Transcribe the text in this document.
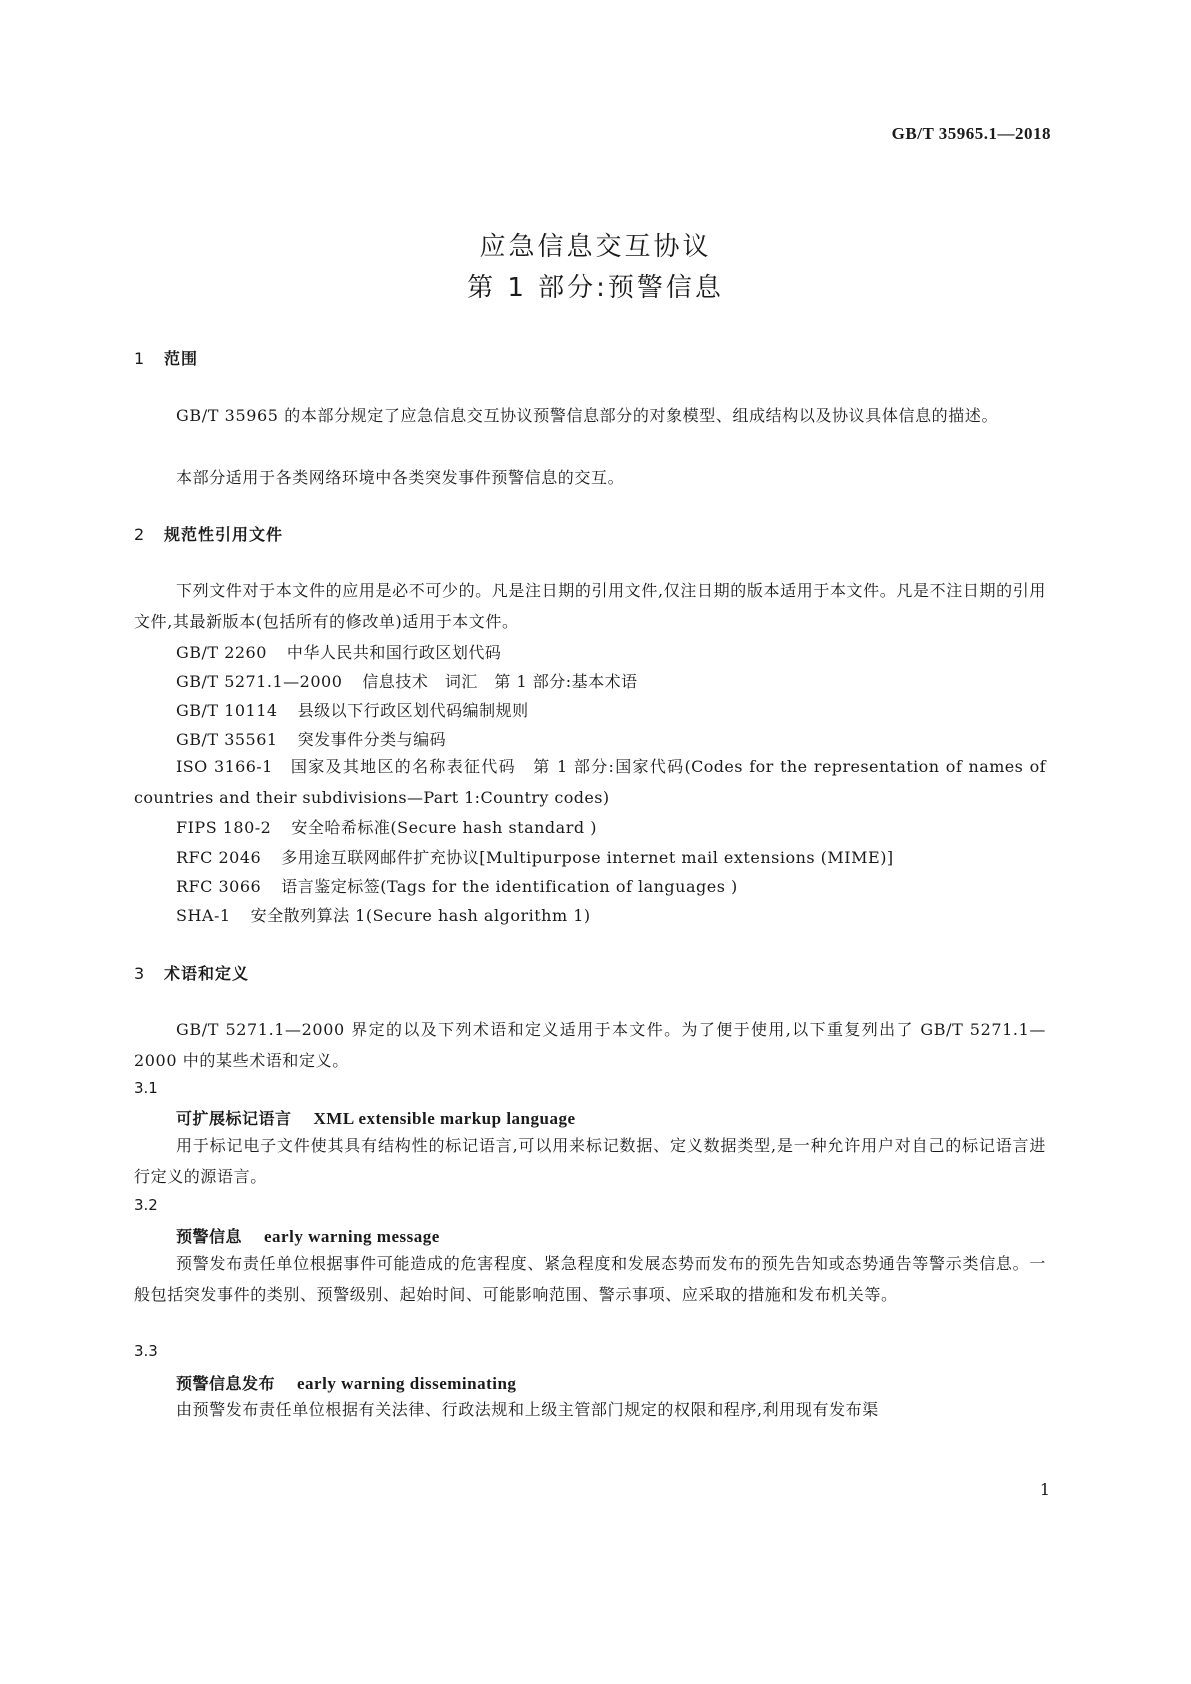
GB/T 35965.1—2018
应急信息交互协议
第 1 部分:预警信息
1 范围
GB/T 35965 的本部分规定了应急信息交互协议预警信息部分的对象模型、组成结构以及协议具体信息的描述。
本部分适用于各类网络环境中各类突发事件预警信息的交互。
2 规范性引用文件
下列文件对于本文件的应用是必不可少的。凡是注日期的引用文件,仅注日期的版本适用于本文件。凡是不注日期的引用文件,其最新版本(包括所有的修改单)适用于本文件。
GB/T 2260 中华人民共和国行政区划代码
GB/T 5271.1—2000 信息技术　词汇　第 1 部分:基本术语
GB/T 10114 县级以下行政区划代码编制规则
GB/T 35561 突发事件分类与编码
ISO 3166-1　国家及其地区的名称表征代码　第 1 部分:国家代码(Codes for the representation of names of countries and their subdivisions—Part 1:Country codes)
FIPS 180-2 安全哈希标准(Secure hash standard )
RFC 2046 多用途互联网邮件扩充协议[Multipurpose internet mail extensions (MIME)]
RFC 3066 语言鉴定标签(Tags for the identification of languages )
SHA-1 安全散列算法 1(Secure hash algorithm 1)
3 术语和定义
GB/T 5271.1—2000 界定的以及下列术语和定义适用于本文件。为了便于使用,以下重复列出了 GB/T 5271.1—2000 中的某些术语和定义。
3.1
可扩展标记语言 XML extensible markup language
用于标记电子文件使其具有结构性的标记语言,可以用来标记数据、定义数据类型,是一种允许用户对自己的标记语言进行定义的源语言。
3.2
预警信息 early warning message
预警发布责任单位根据事件可能造成的危害程度、紧急程度和发展态势而发布的预先告知或态势通告等警示类信息。一般包括突发事件的类别、预警级别、起始时间、可能影响范围、警示事项、应采取的措施和发布机关等。
3.3
预警信息发布 early warning disseminating
由预警发布责任单位根据有关法律、行政法规和上级主管部门规定的权限和程序,利用现有发布渠
1
